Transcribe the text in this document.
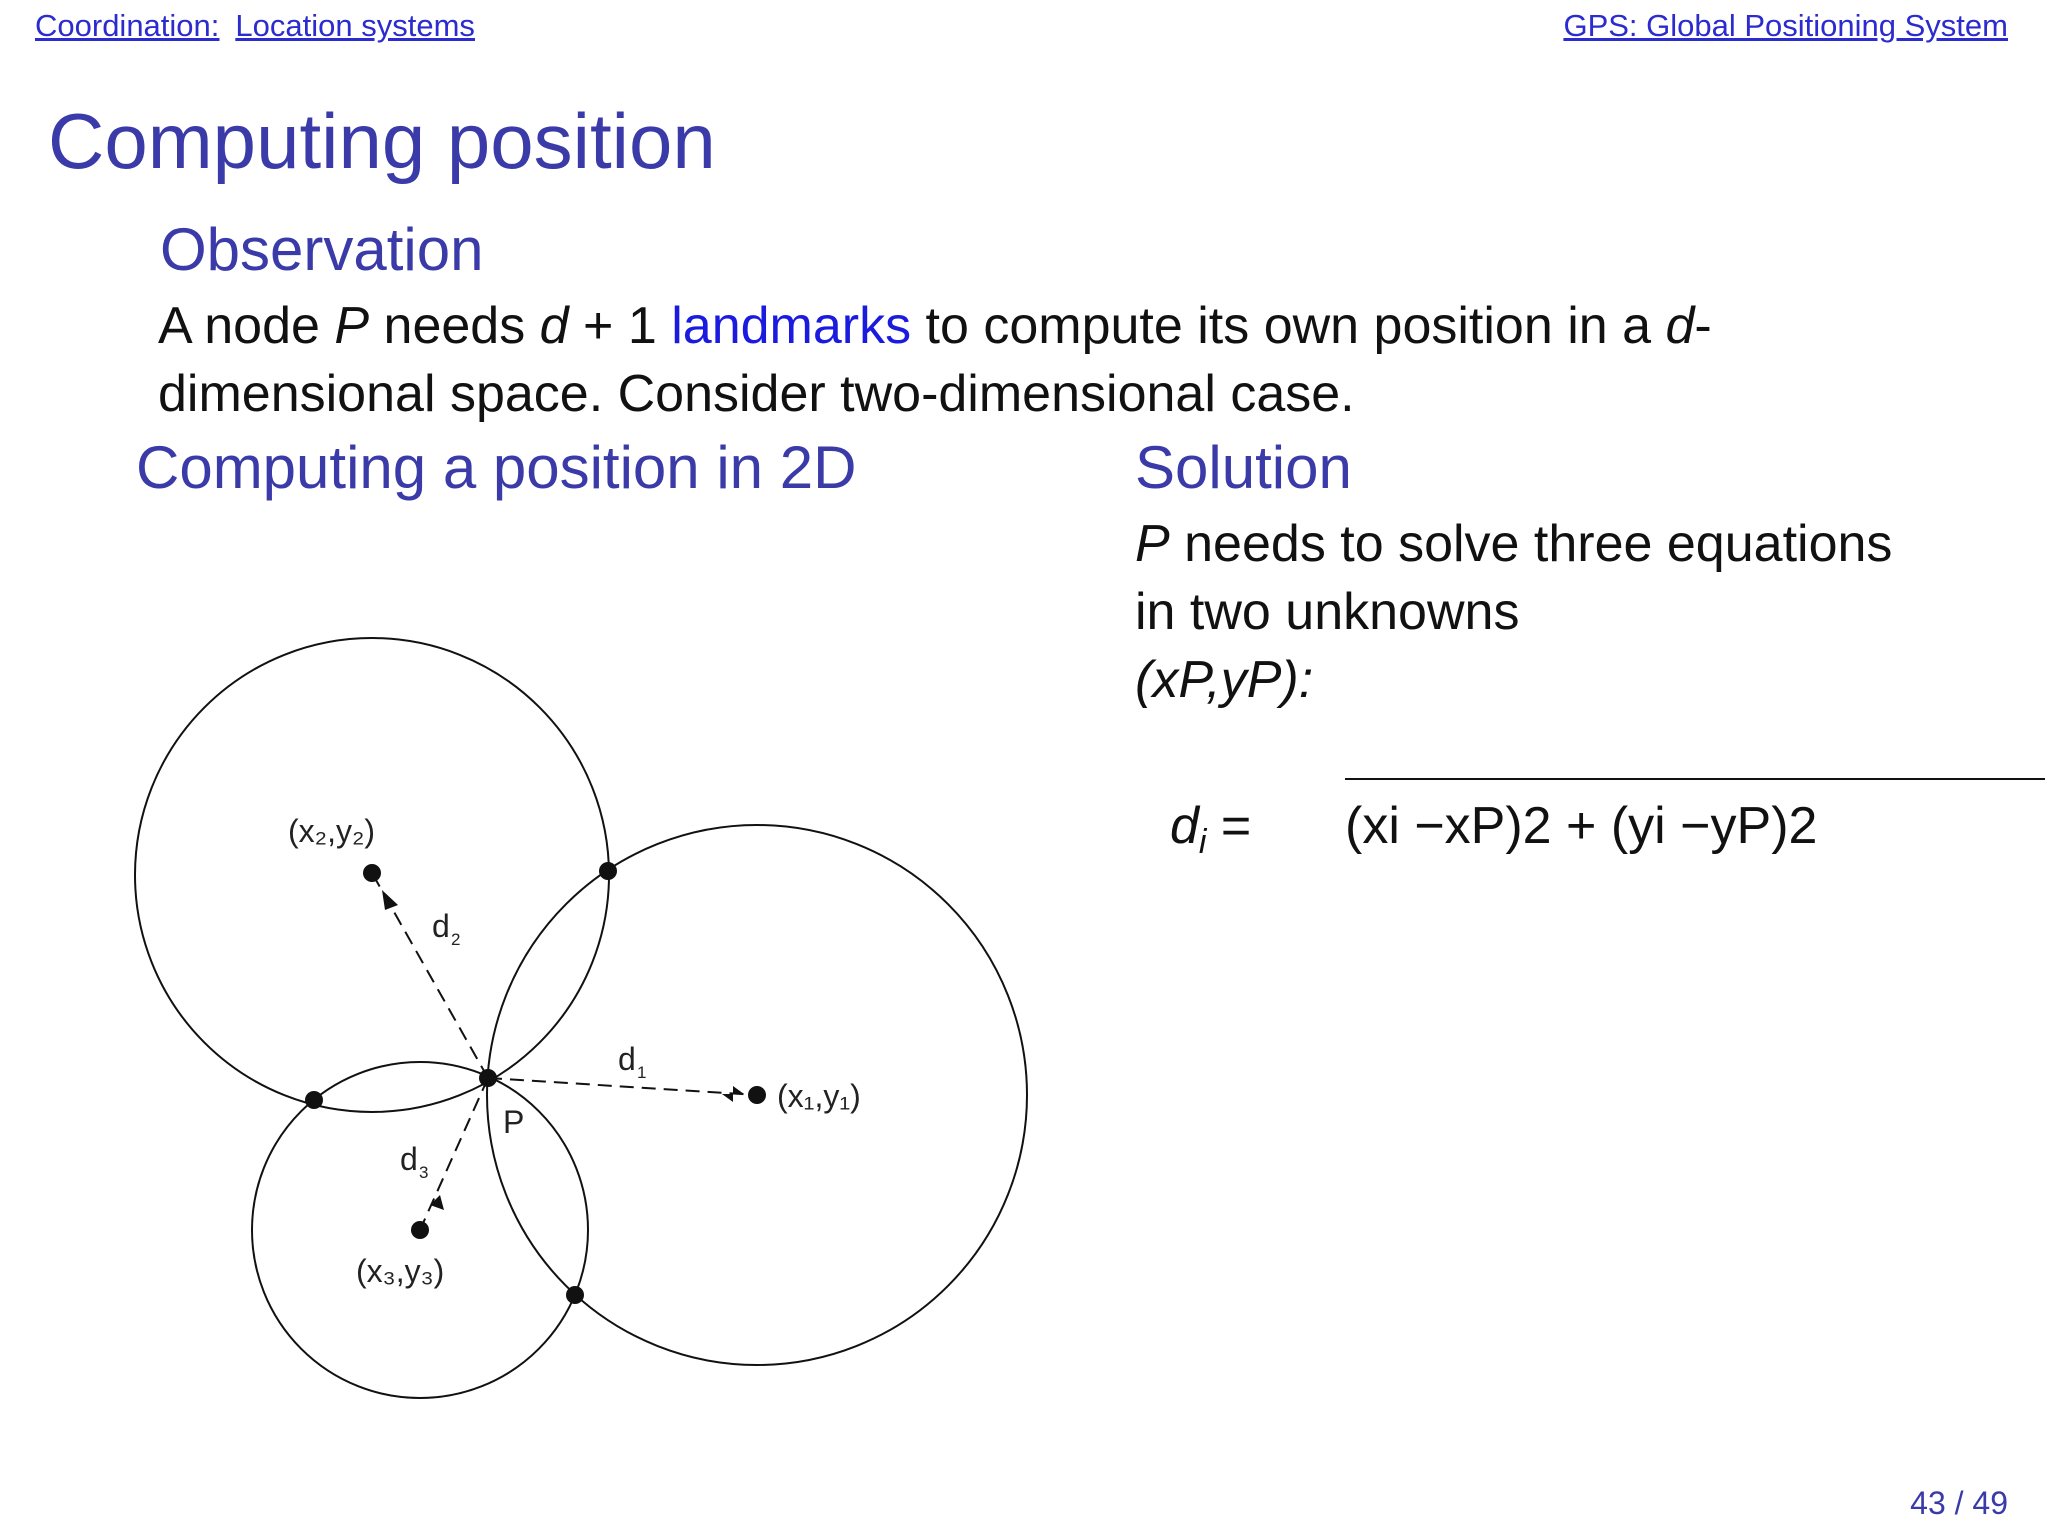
Coordination: Location systems	GPS: Global Positioning System
Computing position
Observation
A node P needs d + 1 landmarks to compute its own position in a d-dimensional space. Consider two-dimensional case.
Computing a position in 2D	Solution
P needs to solve three equations in two unknowns
(xP,yP):
$d_i = (xi -xP)2 + (yi -yP)2$
(x₁,y₁)
(x₂,y₂)
(x₃,y₃)
P
d 1
d 2
d 3
43 / 49
